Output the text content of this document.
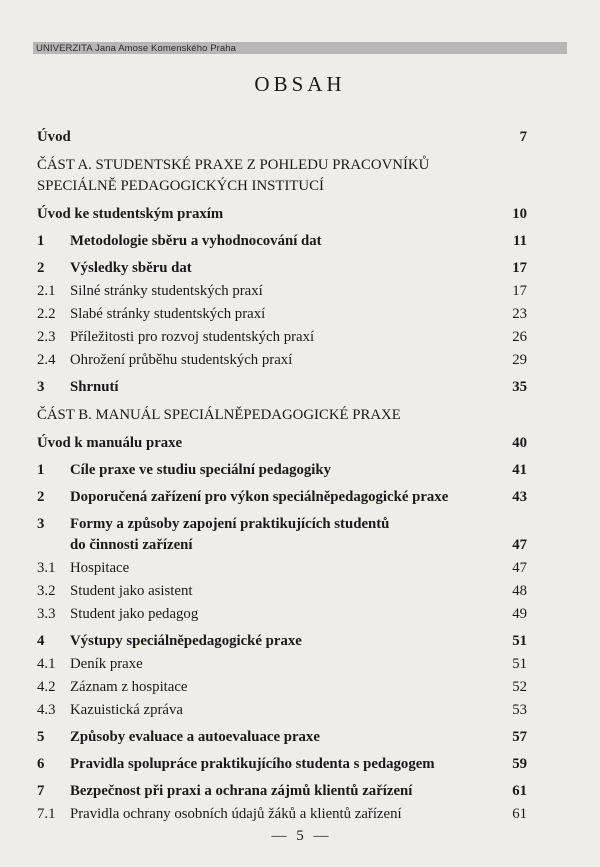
UNIVERZITA Jana Amose Komenského Praha
OBSAH
Úvod	7
ČÁST A. STUDENTSKÉ PRAXE Z POHLEDU PRACOVNÍKŮ
SPECIÁLNĚ PEDAGOGICKÝCH INSTITUCÍ
Úvod ke studentským praxím	10
1 Metodologie sběru a vyhodnocování dat	11
2 Výsledky sběru dat	17
2.1 Silné stránky studentských praxí	17
2.2 Slabé stránky studentských praxí	23
2.3 Příležitosti pro rozvoj studentských praxí	26
2.4 Ohrožení průběhu studentských praxí	29
3 Shrnutí	35
ČÁST B. MANUÁL SPECIÁLNĚPEDAGOGICKÉ PRAXE
Úvod k manuálu praxe	40
1 Cíle praxe ve studiu speciální pedagogiky	41
2 Doporučená zařízení pro výkon speciálněpedagogické praxe	43
3 Formy a způsoby zapojení praktikujících studentů
do činnosti zařízení	47
3.1 Hospitace	47
3.2 Student jako asistent	48
3.3 Student jako pedagog	49
4 Výstupy speciálněpedagogické praxe	51
4.1 Deník praxe	51
4.2 Záznam z hospitace	52
4.3 Kazuistická zpráva	53
5 Způsoby evaluace a autoevaluace praxe	57
6 Pravidla spolupráce praktikujícího studenta s pedagogem	59
7 Bezpečnost při praxi a ochrana zájmů klientů zařízení	61
7.1 Pravidla ochrany osobních údajů žáků a klientů zařízení	61
— 5 —
